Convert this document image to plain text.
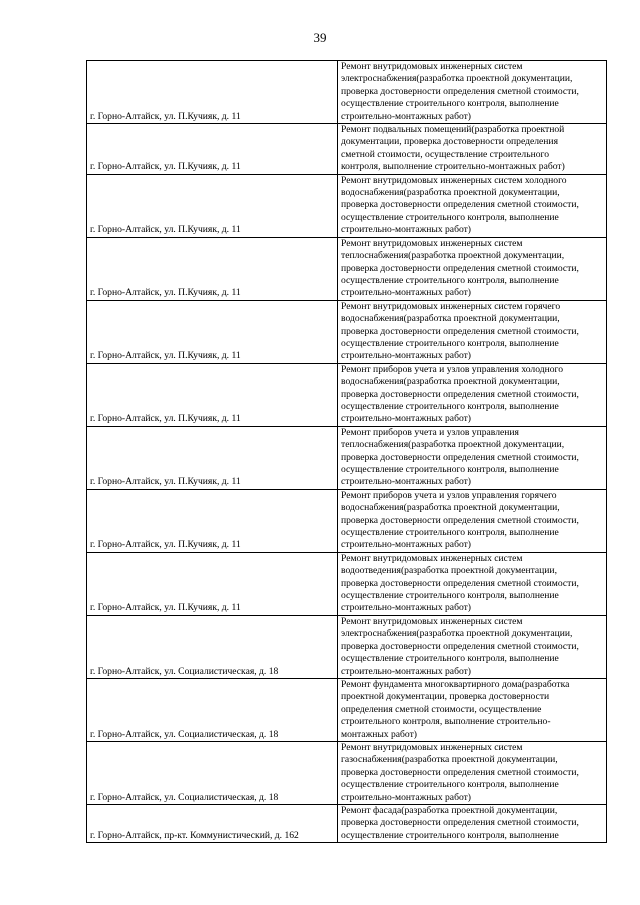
39
г. Горно-Алтайск, ул. П.Кучияк, д. 11	Ремонт внутридомовых инженерных систем
электроснабжения(разработка проектной документации,
проверка достоверности определения сметной стоимости,
осуществление строительного контроля, выполнение
строительно-монтажных работ)

г. Горно-Алтайск, ул. П.Кучияк, д. 11	Ремонт подвальных помещений(разработка проектной
документации, проверка достоверности определения
сметной стоимости, осуществление строительного
контроля, выполнение строительно-монтажных работ)

г. Горно-Алтайск, ул. П.Кучияк, д. 11	Ремонт внутридомовых инженерных систем холодного
водоснабжения(разработка проектной документации,
проверка достоверности определения сметной стоимости,
осуществление строительного контроля, выполнение
строительно-монтажных работ)

г. Горно-Алтайск, ул. П.Кучияк, д. 11	Ремонт внутридомовых инженерных систем
теплоснабжения(разработка проектной документации,
проверка достоверности определения сметной стоимости,
осуществление строительного контроля, выполнение
строительно-монтажных работ)

г. Горно-Алтайск, ул. П.Кучияк, д. 11	Ремонт внутридомовых инженерных систем горячего
водоснабжения(разработка проектной документации,
проверка достоверности определения сметной стоимости,
осуществление строительного контроля, выполнение
строительно-монтажных работ)

г. Горно-Алтайск, ул. П.Кучияк, д. 11	Ремонт приборов учета и узлов управления холодного
водоснабжения(разработка проектной документации,
проверка достоверности определения сметной стоимости,
осуществление строительного контроля, выполнение
строительно-монтажных работ)

г. Горно-Алтайск, ул. П.Кучияк, д. 11	Ремонт приборов учета и узлов управления
теплоснабжения(разработка проектной документации,
проверка достоверности определения сметной стоимости,
осуществление строительного контроля, выполнение
строительно-монтажных работ)

г. Горно-Алтайск, ул. П.Кучияк, д. 11	Ремонт приборов учета и узлов управления горячего
водоснабжения(разработка проектной документации,
проверка достоверности определения сметной стоимости,
осуществление строительного контроля, выполнение
строительно-монтажных работ)

г. Горно-Алтайск, ул. П.Кучияк, д. 11	Ремонт внутридомовых инженерных систем
водоотведения(разработка проектной документации,
проверка достоверности определения сметной стоимости,
осуществление строительного контроля, выполнение
строительно-монтажных работ)

г. Горно-Алтайск, ул. Социалистическая, д. 18	Ремонт внутридомовых инженерных систем
электроснабжения(разработка проектной документации,
проверка достоверности определения сметной стоимости,
осуществление строительного контроля, выполнение
строительно-монтажных работ)

г. Горно-Алтайск, ул. Социалистическая, д. 18	Ремонт фундамента многоквартирного дома(разработка
проектной документации, проверка достоверности
определения сметной стоимости, осуществление
строительного контроля, выполнение строительно-
монтажных работ)

г. Горно-Алтайск, ул. Социалистическая, д. 18	Ремонт внутридомовых инженерных систем
газоснабжения(разработка проектной документации,
проверка достоверности определения сметной стоимости,
осуществление строительного контроля, выполнение
строительно-монтажных работ)

г. Горно-Алтайск, пр-кт. Коммунистический, д. 162	Ремонт фасада(разработка проектной документации,
проверка достоверности определения сметной стоимости,
осуществление строительного контроля, выполнение
